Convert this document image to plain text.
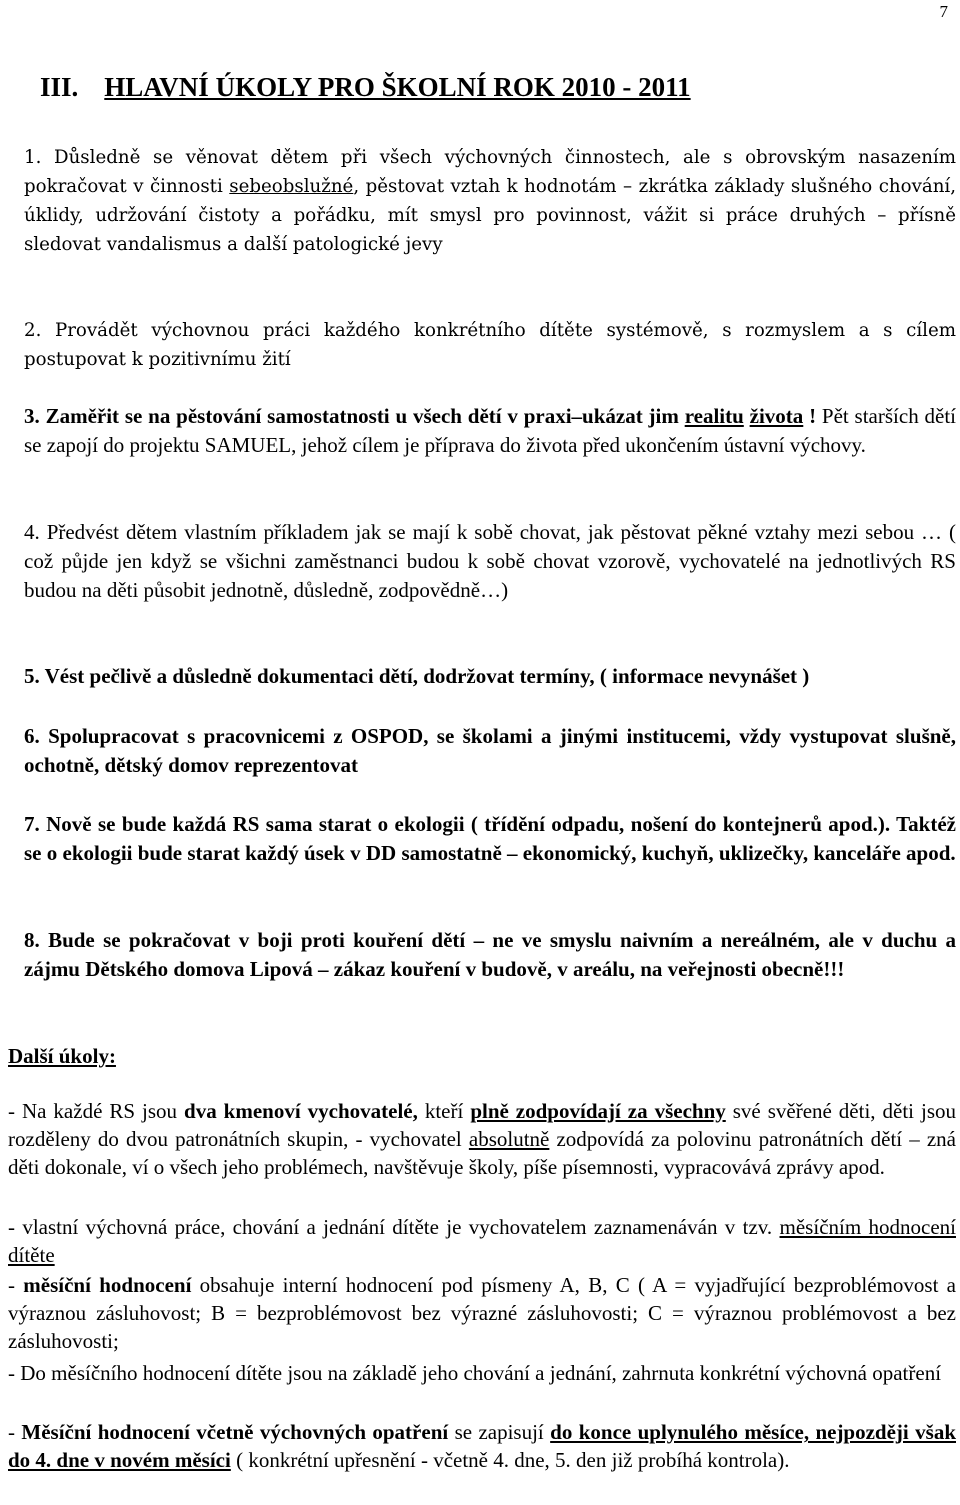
7
III. HLAVNÍ ÚKOLY PRO ŠKOLNÍ ROK 2010 - 2011
1. Důsledně se věnovat dětem při všech výchovných činnostech, ale s obrovským nasazením pokračovat v činnosti sebeobslužné, pěstovat vztah k hodnotám – zkrátka základy slušného chování, úklidy, udržování čistoty a pořádku, mít smysl pro povinnost, vážit si práce druhých – přísně sledovat vandalismus a další patologické jevy
2. Provádět výchovnou práci každého konkrétního dítěte systémově, s rozmyslem a s cílem postupovat k pozitivnímu žití
3. Zaměřit se na pěstování samostatnosti u všech dětí v praxi–ukázat jim realitu života ! Pět starších dětí se zapojí do projektu SAMUEL, jehož cílem je příprava do života před ukončením ústavní výchovy.
4. Předvést dětem vlastním příkladem jak se mají k sobě chovat, jak pěstovat pěkné vztahy mezi sebou … ( což půjde jen když se všichni zaměstnanci budou k sobě chovat vzorově, vychovatelé na jednotlivých RS budou na děti působit jednotně, důsledně, zodpovědně…)
5. Vést pečlivě a důsledně dokumentaci dětí, dodržovat termíny, ( informace nevynášet )
6. Spolupracovat s pracovnicemi z OSPOD, se školami a jinými institucemi, vždy vystupovat slušně, ochotně, dětský domov reprezentovat
7. Nově se bude každá RS sama starat o ekologii ( třídění odpadu, nošení do kontejnerů apod.). Taktéž se o ekologii bude starat každý úsek v DD samostatně – ekonomický, kuchyň, uklizečky, kanceláře apod.
8. Bude se pokračovat v boji proti kouření dětí – ne ve smyslu naivním a nereálném, ale v duchu a zájmu Dětského domova Lipová – zákaz kouření v budově, v areálu, na veřejnosti obecně!!!
Další úkoly:
- Na každé RS jsou dva kmenoví vychovatelé, kteří plně zodpovídají za všechny své svěřené děti, děti jsou rozděleny do dvou patronátních skupin, - vychovatel absolutně zodpovídá za polovinu patronátních dětí – zná děti dokonale, ví o všech jeho problémech, navštěvuje školy, píše písemnosti, vypracovává zprávy apod.
- vlastní výchovná práce, chování a jednání dítěte je vychovatelem zaznamenáván v tzv. měsíčním hodnocení dítěte
- měsíční hodnocení obsahuje interní hodnocení pod písmeny A, B, C ( A = vyjadřující bezproblémovost a výraznou zásluhovost; B = bezproblémovost bez výrazné zásluhovosti; C = výraznou problémovost a bez zásluhovosti;
- Do měsíčního hodnocení dítěte jsou na základě jeho chování a jednání, zahrnuta konkrétní výchovná opatření
- Měsíční hodnocení včetně výchovných opatření se zapisují do konce uplynulého měsíce, nejpozději však do 4. dne v novém měsíci ( konkrétní upřesnění - včetně 4. dne, 5. den již probíhá kontrola).
